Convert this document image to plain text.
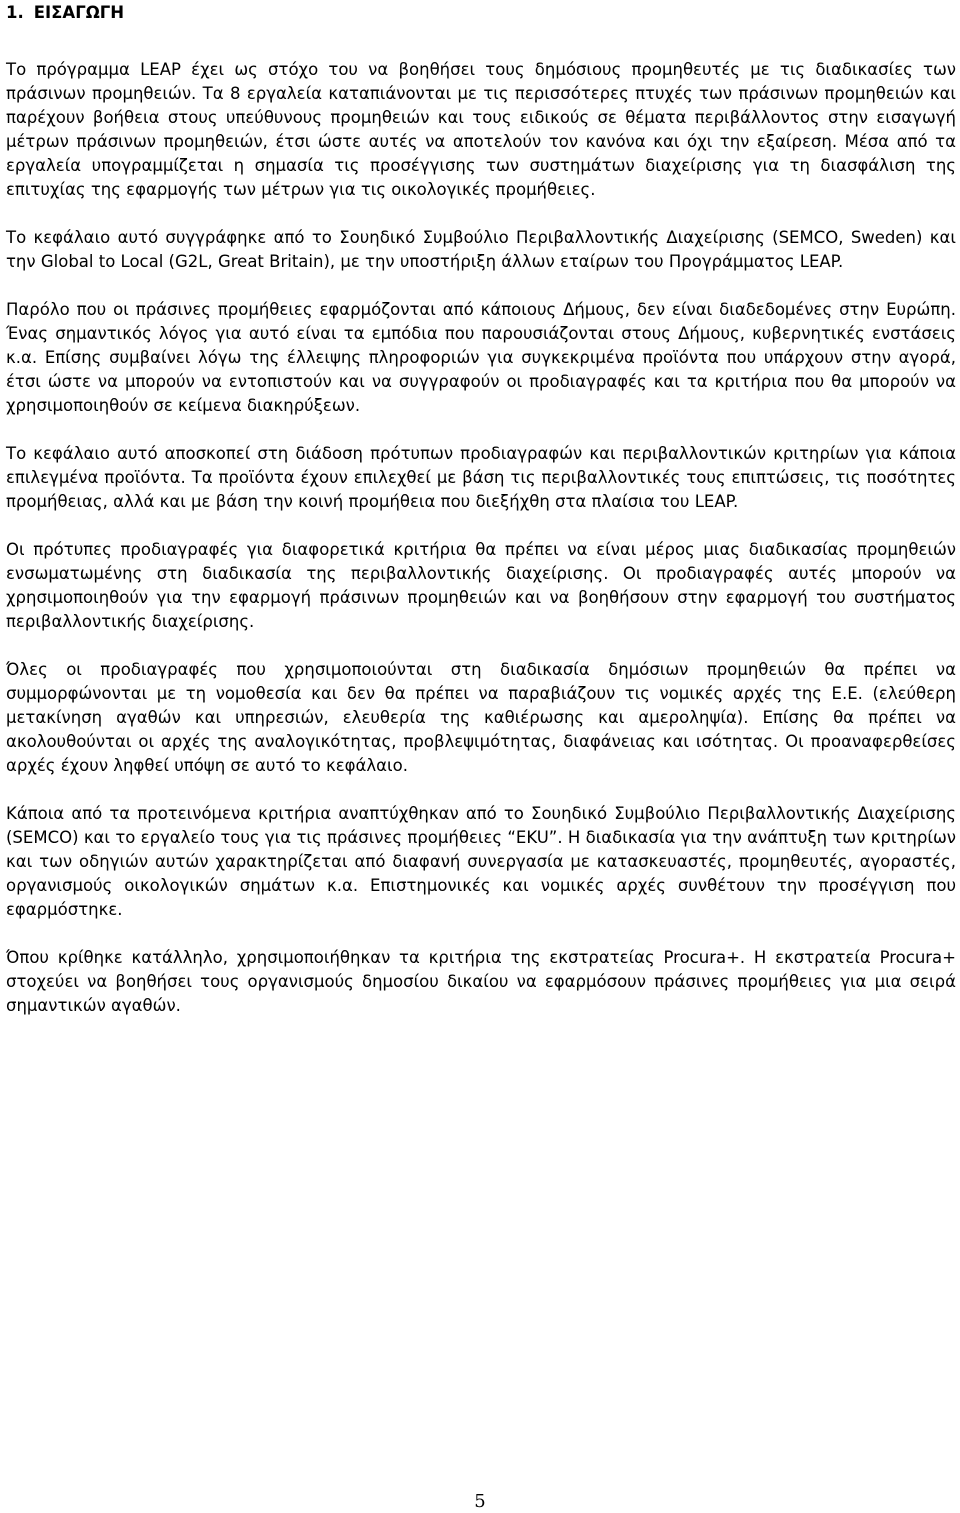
1. ΕΙΣΑΓΩΓΗ

Το πρόγραμμα LEAP έχει ως στόχο του να βοηθήσει τους δημόσιους προμηθευτές με τις διαδικασίες των πράσινων προμηθειών. Τα 8 εργαλεία καταπιάνονται με τις περισσότερες πτυχές των πράσινων προμηθειών και παρέχουν βοήθεια στους υπεύθυνους προμηθειών και τους ειδικούς σε θέματα περιβάλλοντος στην εισαγωγή μέτρων πράσινων προμηθειών, έτσι ώστε αυτές να αποτελούν τον κανόνα και όχι την εξαίρεση. Μέσα από τα εργαλεία υπογραμμίζεται η σημασία τις προσέγγισης των συστημάτων διαχείρισης για τη διασφάλιση της επιτυχίας της εφαρμογής των μέτρων για τις οικολογικές προμήθειες.

Το κεφάλαιο αυτό συγγράφηκε από το Σουηδικό Συμβούλιο Περιβαλλοντικής Διαχείρισης (SEMCO, Sweden) και την Global to Local (G2L, Great Britain), με την υποστήριξη άλλων εταίρων του Προγράμματος LEAP.

Παρόλο που οι πράσινες προμήθειες εφαρμόζονται από κάποιους Δήμους, δεν είναι διαδεδομένες στην Ευρώπη. Ένας σημαντικός λόγος για αυτό είναι τα εμπόδια που παρουσιάζονται στους Δήμους, κυβερνητικές ενστάσεις κ.α. Επίσης συμβαίνει λόγω της έλλειψης πληροφοριών για συγκεκριμένα προϊόντα που υπάρχουν στην αγορά, έτσι ώστε να μπορούν να εντοπιστούν και να συγγραφούν οι προδιαγραφές και τα κριτήρια που θα μπορούν να χρησιμοποιηθούν σε κείμενα διακηρύξεων.

Το κεφάλαιο αυτό αποσκοπεί στη διάδοση πρότυπων προδιαγραφών και περιβαλλοντικών κριτηρίων για κάποια επιλεγμένα προϊόντα. Τα προϊόντα έχουν επιλεχθεί με βάση τις περιβαλλοντικές τους επιπτώσεις, τις ποσότητες προμήθειας, αλλά και με βάση την κοινή προμήθεια που διεξήχθη στα πλαίσια του LEAP.

Οι πρότυπες προδιαγραφές για διαφορετικά κριτήρια θα πρέπει να είναι μέρος μιας διαδικασίας προμηθειών ενσωματωμένης στη διαδικασία της περιβαλλοντικής διαχείρισης. Οι προδιαγραφές αυτές μπορούν να χρησιμοποιηθούν για την εφαρμογή πράσινων προμηθειών και να βοηθήσουν στην εφαρμογή του συστήματος περιβαλλοντικής διαχείρισης.

Όλες οι προδιαγραφές που χρησιμοποιούνται στη διαδικασία δημόσιων προμηθειών θα πρέπει να συμμορφώνονται με τη νομοθεσία και δεν θα πρέπει να παραβιάζουν τις νομικές αρχές της Ε.Ε. (ελεύθερη μετακίνηση αγαθών και υπηρεσιών, ελευθερία της καθιέρωσης και αμεροληψία). Επίσης θα πρέπει να ακολουθούνται οι αρχές της αναλογικότητας, προβλεψιμότητας, διαφάνειας και ισότητας. Οι προαναφερθείσες αρχές έχουν ληφθεί υπόψη σε αυτό το κεφάλαιο.

Κάποια από τα προτεινόμενα κριτήρια αναπτύχθηκαν από το Σουηδικό Συμβούλιο Περιβαλλοντικής Διαχείρισης (SEMCO) και το εργαλείο τους για τις πράσινες προμήθειες “EKU”. Η διαδικασία για την ανάπτυξη των κριτηρίων και των οδηγιών αυτών χαρακτηρίζεται από διαφανή συνεργασία με κατασκευαστές, προμηθευτές, αγοραστές, οργανισμούς οικολογικών σημάτων κ.α. Επιστημονικές και νομικές αρχές συνθέτουν την προσέγγιση που εφαρμόστηκε.

Όπου κρίθηκε κατάλληλο, χρησιμοποιήθηκαν τα κριτήρια της εκστρατείας Procura+. Η εκστρατεία Procura+ στοχεύει να βοηθήσει τους οργανισμούς δημοσίου δικαίου να εφαρμόσουν πράσινες προμήθειες για μια σειρά σημαντικών αγαθών.

5
